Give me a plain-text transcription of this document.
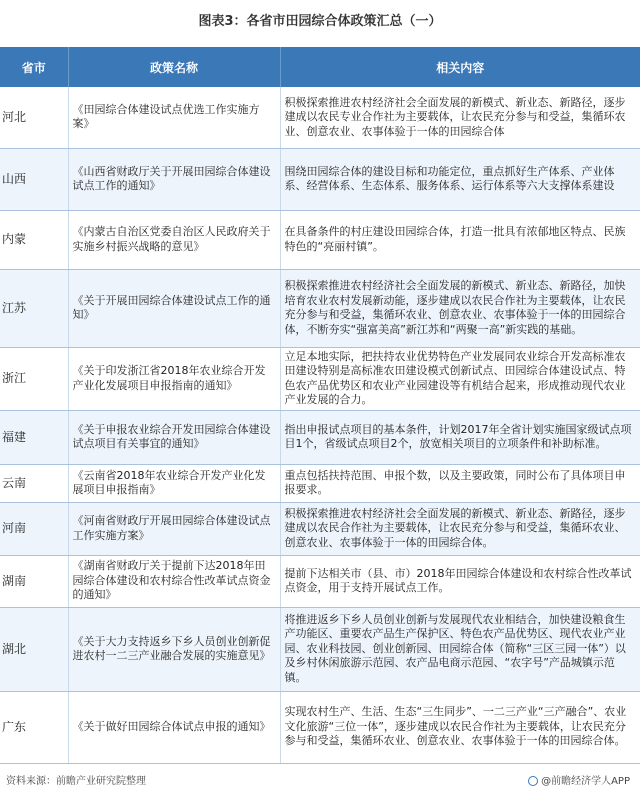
图表3：各省市田园综合体政策汇总（一）
省市	政策名称	相关内容
河北	《田园综合体建设试点优选工作实施方案》	积极探索推进农村经济社会全面发展的新模式、新业态、新路径，逐步建成以农民专业合作社为主要载体，让农民充分参与和受益，集循环农业、创意农业、农事体验于一体的田园综合体
山西	《山西省财政厅关于开展田园综合体建设试点工作的通知》	围绕田园综合体的建设目标和功能定位，重点抓好生产体系、产业体系、经营体系、生态体系、服务体系、运行体系等六大支撑体系建设
内蒙	《内蒙古自治区党委自治区人民政府关于实施乡村振兴战略的意见》	在具备条件的村庄建设田园综合体，打造一批具有浓郁地区特点、民族特色的“亮丽村镇”。
江苏	《关于开展田园综合体建设试点工作的通知》	积极探索推进农村经济社会全面发展的新模式、新业态、新路径，加快培育农业农村发展新动能，逐步建成以农民合作社为主要载体，让农民充分参与和受益，集循环农业、创意农业、农事体验于一体的田园综合体，不断夯实“强富美高”新江苏和“两聚一高”新实践的基础。
浙江	《关于印发浙江省2018年农业综合开发产业化发展项目申报指南的通知》	立足本地实际，把扶持农业优势特色产业发展同农业综合开发高标准农田建设特别是高标准农田建设模式创新试点、田园综合体建设试点、特色农产品优势区和农业产业园建设等有机结合起来，形成推动现代农业产业发展的合力。
福建	《关于申报农业综合开发田园综合体建设试点项目有关事宜的通知》	指出申报试点项目的基本条件，计划2017年全省计划实施国家级试点项目1个，省级试点项目2个，放宽相关项目的立项条件和补助标准。
云南	《云南省2018年农业综合开发产业化发展项目申报指南》	重点包括扶持范围、申报个数，以及主要政策，同时公布了具体项目申报要求。
河南	《河南省财政厅开展田园综合体建设试点工作实施方案》	积极探索推进农村经济社会全面发展的新模式、新业态、新路径，逐步建成以农民合作社为主要载体，让农民充分参与和受益，集循环农业、创意农业、农事体验于一体的田园综合体。
湖南	《湖南省财政厅关于提前下达2018年田园综合体建设和农村综合性改革试点资金的通知》	提前下达相关市（县、市）2018年田园综合体建设和农村综合性改革试点资金，用于支持开展试点工作。
湖北	《关于大力支持返乡下乡人员创业创新促进农村一二三产业融合发展的实施意见》	将推进返乡下乡人员创业创新与发展现代农业相结合，加快建设粮食生产功能区、重要农产品生产保护区、特色农产品优势区、现代农业产业园、农业科技园、创业创新园、田园综合体（简称“三区三园一体”）以及乡村休闲旅游示范园、农产品电商示范园、“农字号”产品城镇示范镇。
广东	《关于做好田园综合体试点申报的通知》	实现农村生产、生活、生态“三生同步”、一二三产业“三产融合”、农业文化旅游“三位一体”，逐步建成以农民合作社为主要载体，让农民充分参与和受益，集循环农业、创意农业、农事体验于一体的田园综合体。
资料来源：前瞻产业研究院整理	@前瞻经济学人APP
